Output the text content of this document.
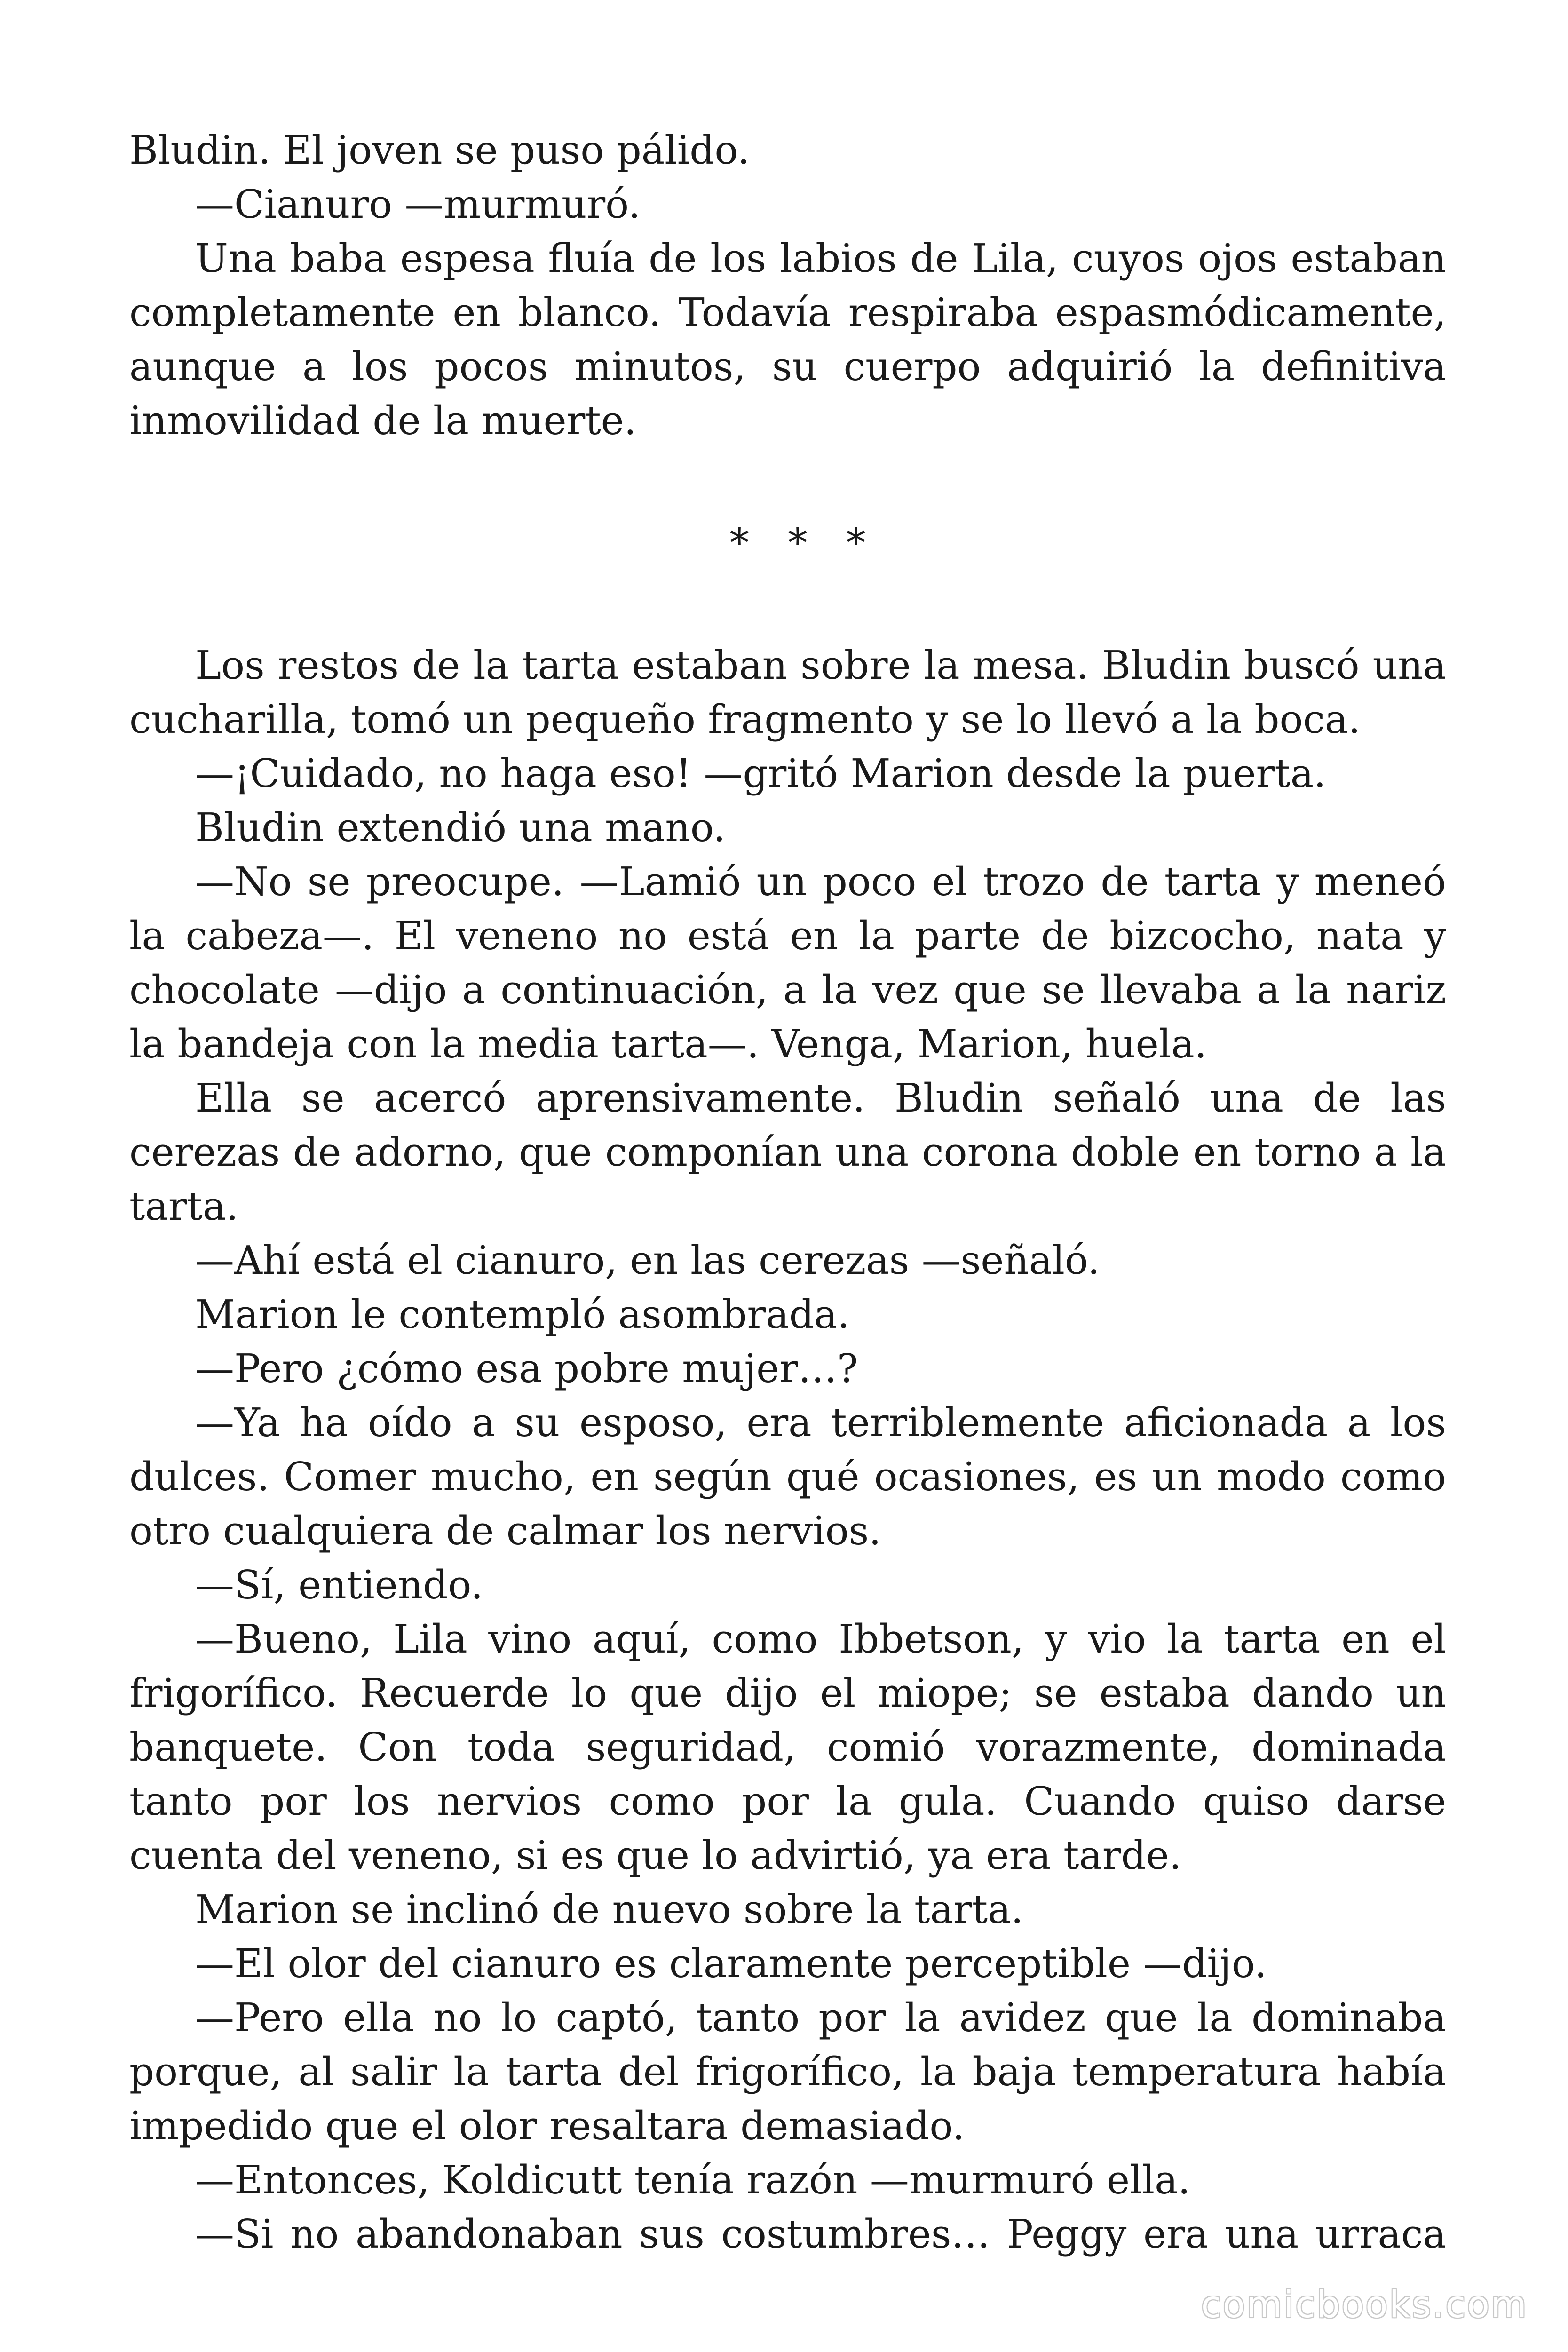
Bludin. El joven se puso pálido.

—Cianuro —murmuró.

Una baba espesa fluía de los labios de Lila, cuyos ojos estaban completamente en blanco. Todavía respiraba espasmódicamente, aunque a los pocos minutos, su cuerpo adquirió la definitiva inmovilidad de la muerte.

* * *

Los restos de la tarta estaban sobre la mesa. Bludin buscó una cucharilla, tomó un pequeño fragmento y se lo llevó a la boca.

—¡Cuidado, no haga eso! —gritó Marion desde la puerta.

Bludin extendió una mano.

—No se preocupe. —Lamió un poco el trozo de tarta y meneó la cabeza—. El veneno no está en la parte de bizcocho, nata y chocolate —dijo a continuación, a la vez que se llevaba a la nariz la bandeja con la media tarta—. Venga, Marion, huela.

Ella se acercó aprensivamente. Bludin señaló una de las cerezas de adorno, que componían una corona doble en torno a la tarta.

—Ahí está el cianuro, en las cerezas —señaló.

Marion le contempló asombrada.

—Pero ¿cómo esa pobre mujer…?

—Ya ha oído a su esposo, era terriblemente aficionada a los dulces. Comer mucho, en según qué ocasiones, es un modo como otro cualquiera de calmar los nervios.

—Sí, entiendo.

—Bueno, Lila vino aquí, como Ibbetson, y vio la tarta en el frigorífico. Recuerde lo que dijo el miope; se estaba dando un banquete. Con toda seguridad, comió vorazmente, dominada tanto por los nervios como por la gula. Cuando quiso darse cuenta del veneno, si es que lo advirtió, ya era tarde.

Marion se inclinó de nuevo sobre la tarta.

—El olor del cianuro es claramente perceptible —dijo.

—Pero ella no lo captó, tanto por la avidez que la dominaba porque, al salir la tarta del frigorífico, la baja temperatura había impedido que el olor resaltara demasiado.

—Entonces, Koldicutt tenía razón —murmuró ella.

—Si no abandonaban sus costumbres… Peggy era una urraca

comicbooks.com
